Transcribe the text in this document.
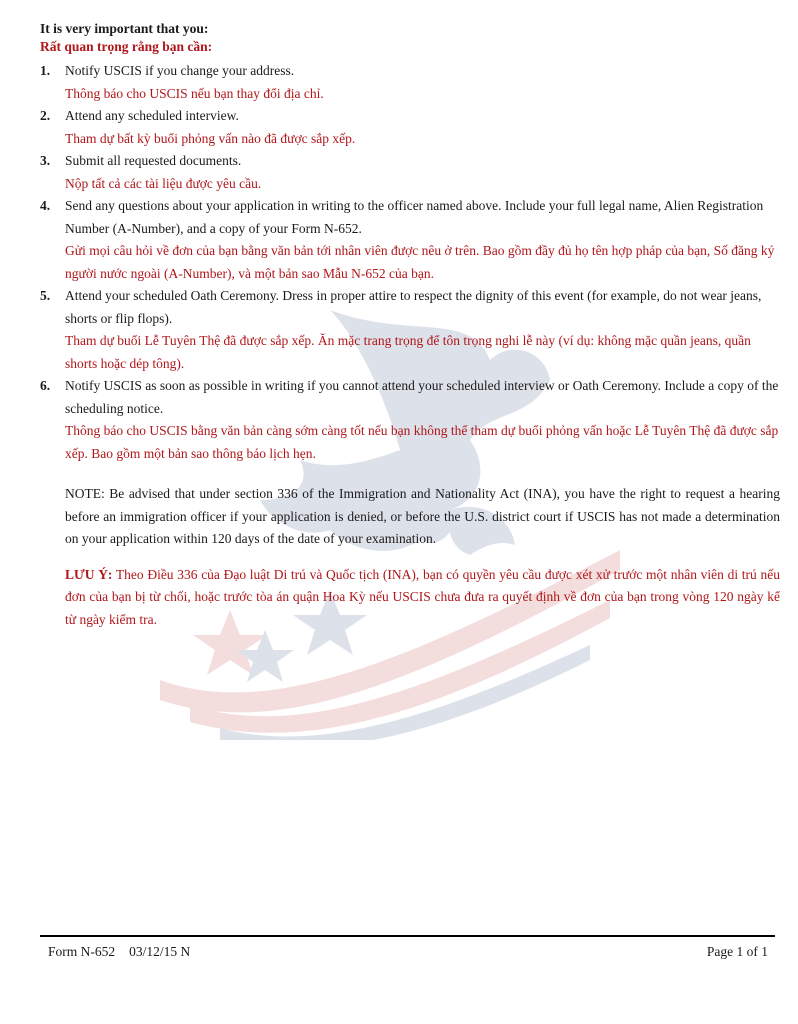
CONG DO
It is very important that you:
Rất quan trọng rằng bạn cần:
1. Notify USCIS if you change your address.
Thông báo cho USCIS nếu bạn thay đổi địa chỉ.
2. Attend any scheduled interview.
Tham dự bất kỳ buổi phỏng vấn nào đã được sắp xếp.
3. Submit all requested documents.
Nộp tất cả các tài liệu được yêu cầu.
4. Send any questions about your application in writing to the officer named above. Include your full legal name, Alien Registration Number (A-Number), and a copy of your Form N-652.
Gửi mọi câu hỏi về đơn của bạn bằng văn bản tới nhân viên được nêu ở trên. Bao gồm đầy đủ họ tên hợp pháp của bạn, Số đăng ký người nước ngoài (A-Number), và một bản sao Mẫu N-652 của bạn.
5. Attend your scheduled Oath Ceremony. Dress in proper attire to respect the dignity of this event (for example, do not wear jeans, shorts or flip flops).
Tham dự buổi Lễ Tuyên Thệ đã được sắp xếp. Ăn mặc trang trọng để tôn trọng nghi lễ này (ví dụ: không mặc quần jeans, quần shorts hoặc dép tông).
6. Notify USCIS as soon as possible in writing if you cannot attend your scheduled interview or Oath Ceremony. Include a copy of the scheduling notice.
Thông báo cho USCIS bằng văn bản càng sớm càng tốt nếu bạn không thể tham dự buổi phỏng vấn hoặc Lễ Tuyên Thệ đã được sắp xếp. Bao gồm một bản sao thông báo lịch hẹn.
NOTE: Be advised that under section 336 of the Immigration and Nationality Act (INA), you have the right to request a hearing before an immigration officer if your application is denied, or before the U.S. district court if USCIS has not made a determination on your application within 120 days of the date of your examination.
LƯU Ý: Theo Điều 336 của Đạo luật Di trú và Quốc tịch (INA), bạn có quyền yêu cầu được xét xử trước một nhân viên di trú nếu đơn của bạn bị từ chối, hoặc trước tòa án quận Hoa Kỳ nếu USCIS chưa đưa ra quyết định về đơn của bạn trong vòng 120 ngày kể từ ngày kiểm tra.
Form N-652 03/12/15 N	Page 1 of 1
